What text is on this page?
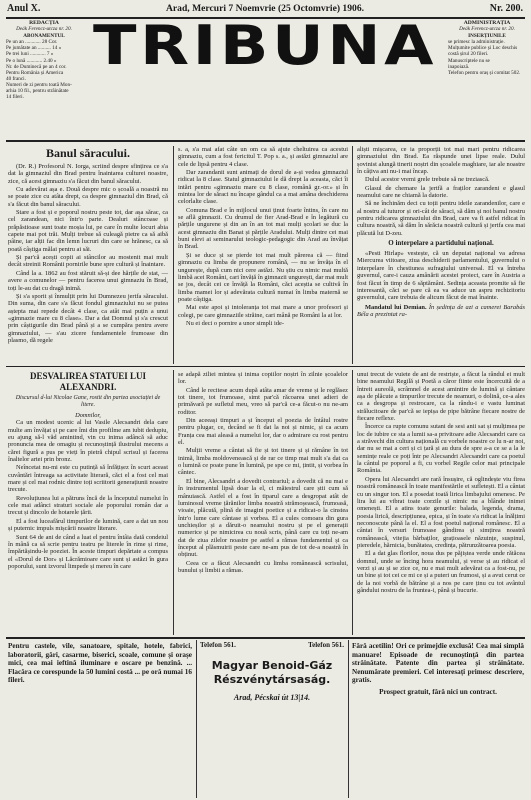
Anul X.	Arad, Mercuri 7 Noemvrie (25 Octomvrie) 1906.	Nr. 200.
REDACȚIA
Deák Ferencz-utcza nr. 20.
ABONAMENTUL
Pe un an ............ 28 Cor.
Pe jumătate an .......... 14 »
Pe trei luni ............ 7 »
Pe o lună ............ 2.40 »
Nr. de Duminecă pe an 4 cor.
Pentru România și America
40 franci.
Numeri de zi pentru toată Mon-
arhia 10 fil., pentru străinătate
14 fileri.
TRIBUNA	ADMINISTRAȚIA
Deák Ferencz-utcza nr. 20.
INSERȚIUNILE
se primesc la administrație.
Mulțumite publice și Loc deschis
costă șirul 20 fileri.
Manuscriptele nu se
inapoiază.
Telefon pentru oraș și comitat 502.
Banul săracului.

(Dr. R.) Profesorul N. Iorga, scriind despre sfințirea ce s'a dat la gimnaziul din Brad pentru înaintarea culturei noastre, zice, că acest gimnaziu s'a făcut din banul săracului.

Cu adevărat așa e. Două despre mic o școală a noastră nu se poate zice cu atâta drept, ca despre gimnaziul din Brad, că s'a făcut din banul săracului.

Stare a fost și e poporul nostru peste tot, dar așa sărac, ca cel zarandean, nici într'o parte. Dealuri stâncoase și prăpăstioase sunt toate moșia lui, pe care în multe locuri abia capete mai pot trăi. Mulți trebue să culeagă pietre ca să aibă pâine, iar alții fac din lemn lucruri din care se hrănesc, ca să poată câștiga mălai pentru ai săi.

Și par'că acești copii ai stâncilor au mostenit mai mult decât streinii Românii pornirile bune spre cultură și înaintare.

Când la a. 1862 au fost stăruit să-și dee hărțile de stat, — avere a comunelor — pentru facerea unui gimnaziu în Brad, toți le-au dat cu dragă inimă.

Și s'a sporit și înmulțit prin lui Dumnezeu jertfa săracului. Din suma, din care s'a făcut fondul gimnaziului nu se putea aștepta mai repede decât 4 clase, ca atât mai puțin a unui «gimnazie mare cu 8 clase». Dar a dat Domnul și s'a crescut prin câștigurile din Brad până și a se cumpăra pentru avere gimnaziului, — s'au zicere fundamentele frumoase din plasmo, dă regele

s. a, s'a mai afat câte un om ca să ajute cheltuirea ca acestui gimnaziu, cum a fost fericitul T. Pop s. a., și astăzi gimnaziul are cele de lipsă pentru 4 clase.

Dar zarandanii sunt animați de dorul de a-și vedea gimnaziul ridicat la 8 clase. Statul gimnaziului le dă drept la aceasta, căci îi intări pentru «gimnaziu mare cu 8 clase, română gr.-or.» și în mintea lor de săraci nu încape gândul ca a mai amâna deschiderea celorlalte clase.

Comuna Brad e în mijlocul unui ținut foarte întins, în care nu se află gimnazii. Cu drumul de fier Arad-Brad e în legătură cu părțile ungurene și din an în an tot mai mulți școlari se duc la acest gimnaziu din Banat și părțile Aradului. Mulți dintre cei mai buni elevi ai seminarului teologic-pedagogic din Arad au învățat în Brad.

Și se duce și se pierde tot mai mult părerea că — fiind gimnaziu cu limba de propunere română, — nu se învăța în el ungurește, după cum nici cere astăzi. Nu știu cu nimic mai multă limbă acei Români, cari învăță în gimnazii ungurești, dar mai mult se jos, decât cei ce învăță la Români, căci aceștia se cultivă în limba mamei lor și adevărata cultură numai în limba maternă se poate câștiga.

Mai este apoi și intoleranța tot mai mare a unor profesori și colegi, pe care gimnaziile străine, cari mână pe Români la ai lor.

Nu ei deci o pornire a unor simpli ide-

aliști mișcarea, ce ia proporții tot mai mari pentru ridicarea gimnaziului din Brad. Ea răspunde unei lipse reale. Dulul șovinist alungă tinerii noștri din școalele maghiare, iar ale noastre în câțiva ani nu-i mai încap.

Dulul acestor vremi grele trebuie să ne treziască.

Glasul de chemare la jertfă a fraților zarandeni e glasul neamului care ne chiamă la datorie.

Să ne închinăm deci cu toții pentru ideile zarandenilor, care e al nostru al tuturor și ori-cât de săraci, să dăm și noi banul nostru pentru ridicarea gimnaziului din Brad, care va fi astfel ridicat în cultura noastră, să dăm în sărăcia noastră cultură și jertfa cea mai plăcută lui D-zeu.

O interpelare a partidului național.

«Pesti Hirlap» vestește, că un deputat național va adresa Miercurea viitoare, ziua deschiderii parlamentului, guvernului o interpelare în chestiunea sufragiului universal. El va întreba guvernul, care-i cauza amânării acestei proiect, care în Austria a fost făcut în timp de 6 săptămâni. Sedința aceasta promite să fie interesantă, căci se pare că ea va aduce un aspru rechizitoriu guvernului, care trebuia de altcum făcut de mai înainte.

Mandatul lui Demian. În ședința de azi a camerei Barabás Béla a prezintat ra-

DESVALIREA STATUEI LUI ALEXANDRI.
Discursul d-lui Nicolae Gane, rostit din partea asociației de litere.
Domnilor,

Ca un modest ucenic al lui Vasile Alecsandri dela care multe am învățat și pe care îmi din profilme am iubit dedupiu, eu ajung să-l văd amintind, vin cu inima adâncă să aduc pronuncia mea de omagiu și recunoștință ilustrului mecens a cărei figură a pus pe vieți în pietră chipul scrisul și facerea înaltelor artei prin bronz.

Neîncetat nu-mi este cu putință să înfățișez în scurt aceast cuvântări întreaga sa activitate literară, căci el a fost cel mai mare și cel mai rodnic dintre toți scriitorii generațiunii noastre trecute.

Revoluțiunea lui a pătruns încă de la începutul numelui în cele mai adânci straturi sociale ale poporului român dar a trecut și dincolo de hotarele țării.

El a fost luceafărul timpurilor de lumină, care a dat un nou și puternic impuls mișcării noastre literare.

Sunt 64 de ani de când a luat el pentru întâia dată condeiul în mână ca să scrie pentru teatru pe literele în rime și rime, împărtășindu-le poeziei. În aceste timpuri depărtate a compus el «Dorul de Dor» și Lăcrămioare care sunt și astăzi în gura poporului, sunt izvorul limpede și mereu în care

se adapă ziliei mintea și inima copiilor noștri în zilnie școalelor lor.

Când le recitese acum după atâta amar de vreme și le reglăsez tot tinere, tot frumoase, simt par'că răcoarea unei adieri de primăvară pe sufletul meu, vreo să par'că ce-a făcut-o nu ne-am roditor.

Din aceeași timpuri a și început el poezia de întâiul rostre pentru plugar, ce, decând se fi dat la noi și nimic, și ca acum Franța cea mai aleasă a numelui lor, dar o admirare cu rost pentru el.

Mulții vreme a cântat să fie și tot tinere și și rămâne în tot inimă, limba moldovenească și de rar ce timp mai mult s'a dat ca o lumină ce poate pune în lumină, pe spe ce mi, țintit, și vorbea în cântec.

El bine, Alecsandri a dovedit contrariul; a dovedit că nu mai e în instrumentul lipsă doar la el, ci măiestrul care știi cum să mânuiască. Astfel el a fost în tiparul care a desgropat atât de luminosul vreme țărănilor limba noastră strămoșească, frumoasă, vioaie, plăcută, plină de imagini poetice și a ridicat-o la cinstea într'o lume care cântase și vorbea. El a cules comoara din gura unchieșilor și a dăruit-o neamului nostru și pe el generații numerice și pe nimicirea cu nouă scris, până care cu toți ne-am dat de ziua zilelor noastre pe astfel a rămas fundamentul și ca început al plăsmuirii peste care ne-am pus de tot de-a noastră în obținut.

Ceea ce a făcut Alecsandri cu limba românească scrisului, bunului și limbii a rămas.

unui trecut de vuiete de ani de restriște, a făcut la rândul ei mult bine neamului Regilă și Poetă a căror fiinte este încercuită de a întreit aureolă, scrâmnel de acest amintire de lumină și cântare așa de plăcute a timpurilor trecute de neamuri, o dolină, ce-a ales ca a desgropa și restrocare, ca la rându-i e vastu luminat strălucitoare de par'că se iepișa de pipe bătrâne fiecare nostre de fiecare reflexe.

Încerce ca rupte comunu sutani de sesi anii sat și mulțimea pe loc de iubire ce sta a lumii sa-a privitoare adie Alecsandri care ca a străvechi din cultura națională cu vorbele noastre ce lu n-ar noi, dar nu se mai a ceri și ci țară și au dura de spre a-a ce se a la le semințe reale ce poți într pe Alecsandri Alecsandri care ca poetul la cântul pe poporul a fi, cu vorbel Regile celor mai principale România.

Opera lui Alecsandri are rară însușire, că oglindește viu firea noastră românească în toate manifestările ei sufletești. El a cântat cu un singur ton. El a posedat toată lirica limbajului omenesc. Pe lira lui au vibrat toate corzile și nimic nu a blânde inimei omenești. El a atins toate genurile: balada, legenda, drama, poesia lirică, descripțiunea, epica, și în toate s'a ridicat la înălțimi neconoscute până la el. El a fost poetul național românesc. El a cântat în versuri frumoase gândirea și simțirea noastră românească, vitejia bărbaților, grațioasele năzuințe, suspinul, pieredele, hărnicia, bunătatea, credința, pătrunzătoarea poesia.

El a dat glas florilor, noua dus pe păjiștea verde unde rătăcea domnul, unde se încing hora neamului, și verse și au ridicat el verzi și au și se zice ce, nu e mai mult adevărat ca a fost-nu, pe un bine și tot cei ce mi ce și a puteri un frumosi, și a avut cerut ce de la noi vorbă de bătrâne și a nos pe care ținu cu tot avântul gândului nostru de la fruntea-i, până și bucurie.

Pentru castele, vile, sanatoare, spitale, hotele, fabrici, laboratorii, gări, casarme, biserici, scoale, comune și orașe mici, cea mai ieftină iluminare e oscare pe benzină. ... Flacăra ce corespunde la 50 lumini costă ... pe oră numai 16 fileri.
Telefon 561.	Telefon 561.
Magyar Benoid-Gáz Részvénytársaság.
Arad, Pécskai út 13|14.
Fără acetilin! Ori ce primejdie exclusă! Cea mai simplă manuare! Episoade de recunoștință din partea străinătate. Patente din partea și străinătate. Nenumărate premieri. Cel interesați primesc descriere, gratis.
Prospect gratuit, fără nici un contract.
